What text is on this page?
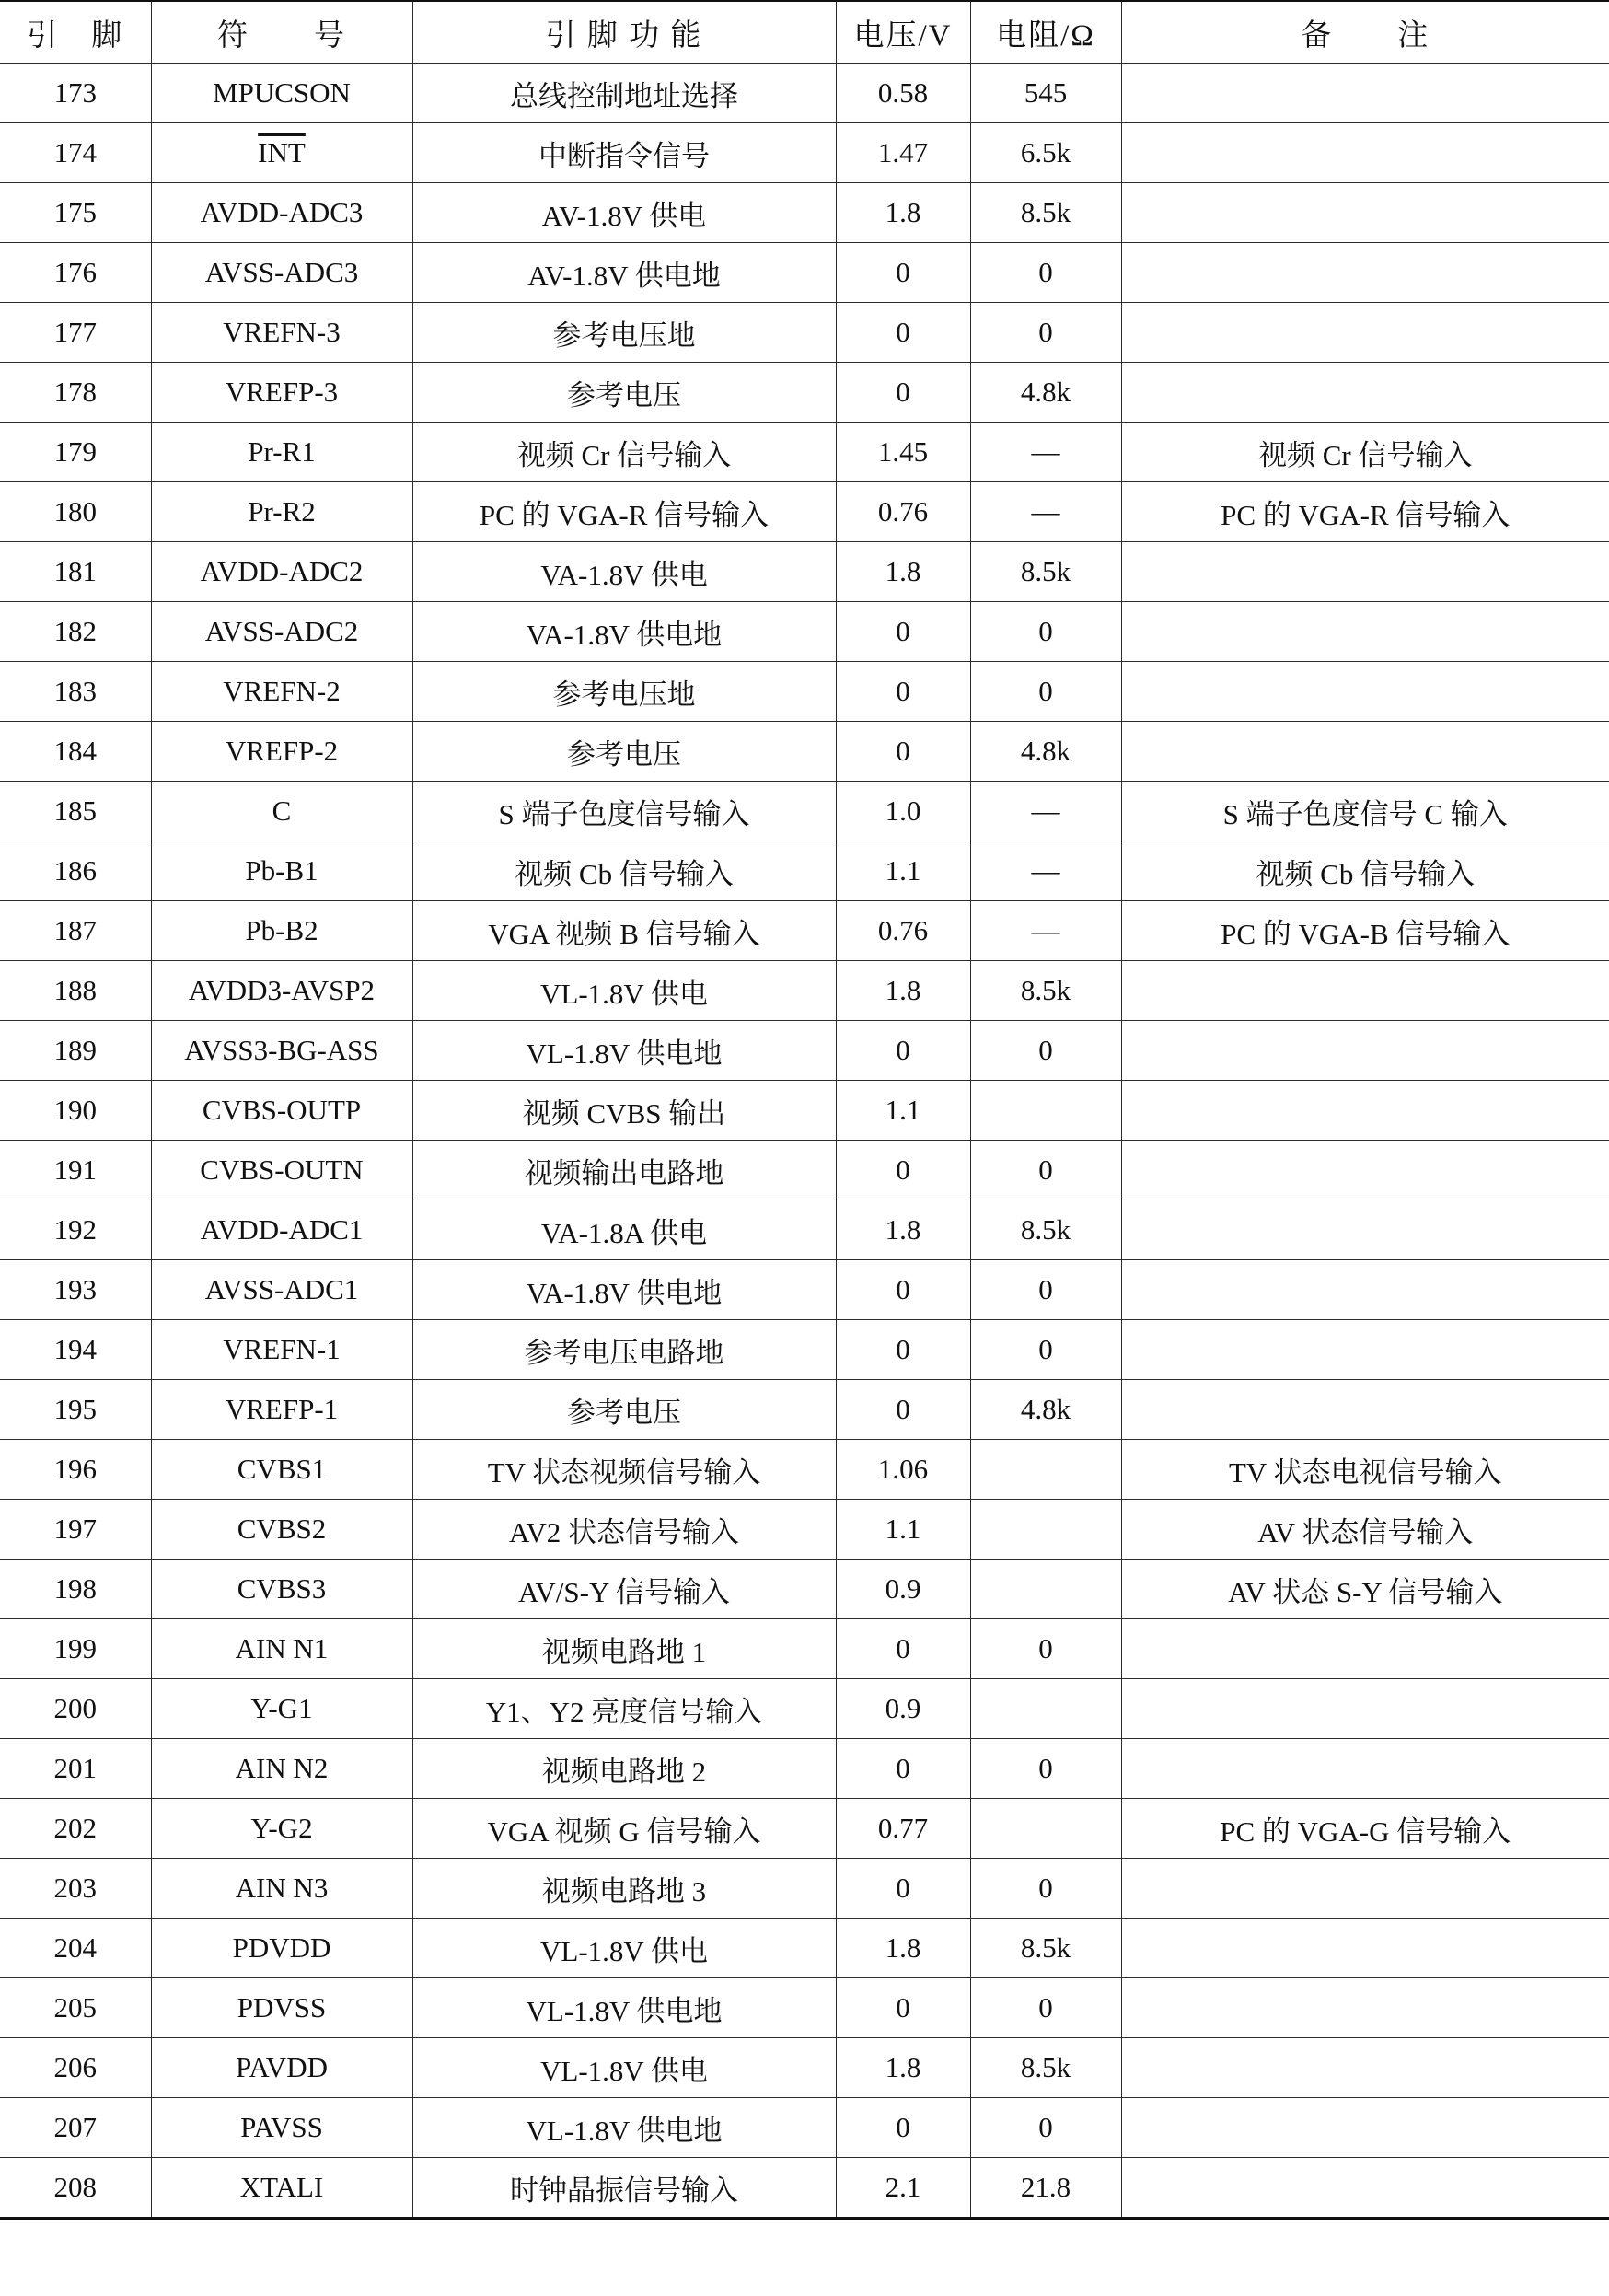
引　脚	符　　号	引 脚 功 能	电压/V	电阻/Ω	备　　注
173	MPUCSON	总线控制地址选择	0.58	545	
174	$\overline{INT}$	中断指令信号	1.47	6.5k	
175	AVDD-ADC3	AV-1.8V 供电	1.8	8.5k	
176	AVSS-ADC3	AV-1.8V 供电地	0	0	
177	VREFN-3	参考电压地	0	0	
178	VREFP-3	参考电压	0	4.8k	
179	Pr-R1	视频 Cr 信号输入	1.45	—	视频 Cr 信号输入
180	Pr-R2	PC 的 VGA-R 信号输入	0.76	—	PC 的 VGA-R 信号输入
181	AVDD-ADC2	VA-1.8V 供电	1.8	8.5k	
182	AVSS-ADC2	VA-1.8V 供电地	0	0	
183	VREFN-2	参考电压地	0	0	
184	VREFP-2	参考电压	0	4.8k	
185	C	S 端子色度信号输入	1.0	—	S 端子色度信号 C 输入
186	Pb-B1	视频 Cb 信号输入	1.1	—	视频 Cb 信号输入
187	Pb-B2	VGA 视频 B 信号输入	0.76	—	PC 的 VGA-B 信号输入
188	AVDD3-AVSP2	VL-1.8V 供电	1.8	8.5k	
189	AVSS3-BG-ASS	VL-1.8V 供电地	0	0	
190	CVBS-OUTP	视频 CVBS 输出	1.1		
191	CVBS-OUTN	视频输出电路地	0	0	
192	AVDD-ADC1	VA-1.8A 供电	1.8	8.5k	
193	AVSS-ADC1	VA-1.8V 供电地	0	0	
194	VREFN-1	参考电压电路地	0	0	
195	VREFP-1	参考电压	0	4.8k	
196	CVBS1	TV 状态视频信号输入	1.06		TV 状态电视信号输入
197	CVBS2	AV2 状态信号输入	1.1		AV 状态信号输入
198	CVBS3	AV/S-Y 信号输入	0.9		AV 状态 S-Y 信号输入
199	AIN N1	视频电路地 1	0	0	
200	Y-G1	Y1、Y2 亮度信号输入	0.9		
201	AIN N2	视频电路地 2	0	0	
202	Y-G2	VGA 视频 G 信号输入	0.77		PC 的 VGA-G 信号输入
203	AIN N3	视频电路地 3	0	0	
204	PDVDD	VL-1.8V 供电	1.8	8.5k	
205	PDVSS	VL-1.8V 供电地	0	0	
206	PAVDD	VL-1.8V 供电	1.8	8.5k	
207	PAVSS	VL-1.8V 供电地	0	0	
208	XTALI	时钟晶振信号输入	2.1	21.8	
